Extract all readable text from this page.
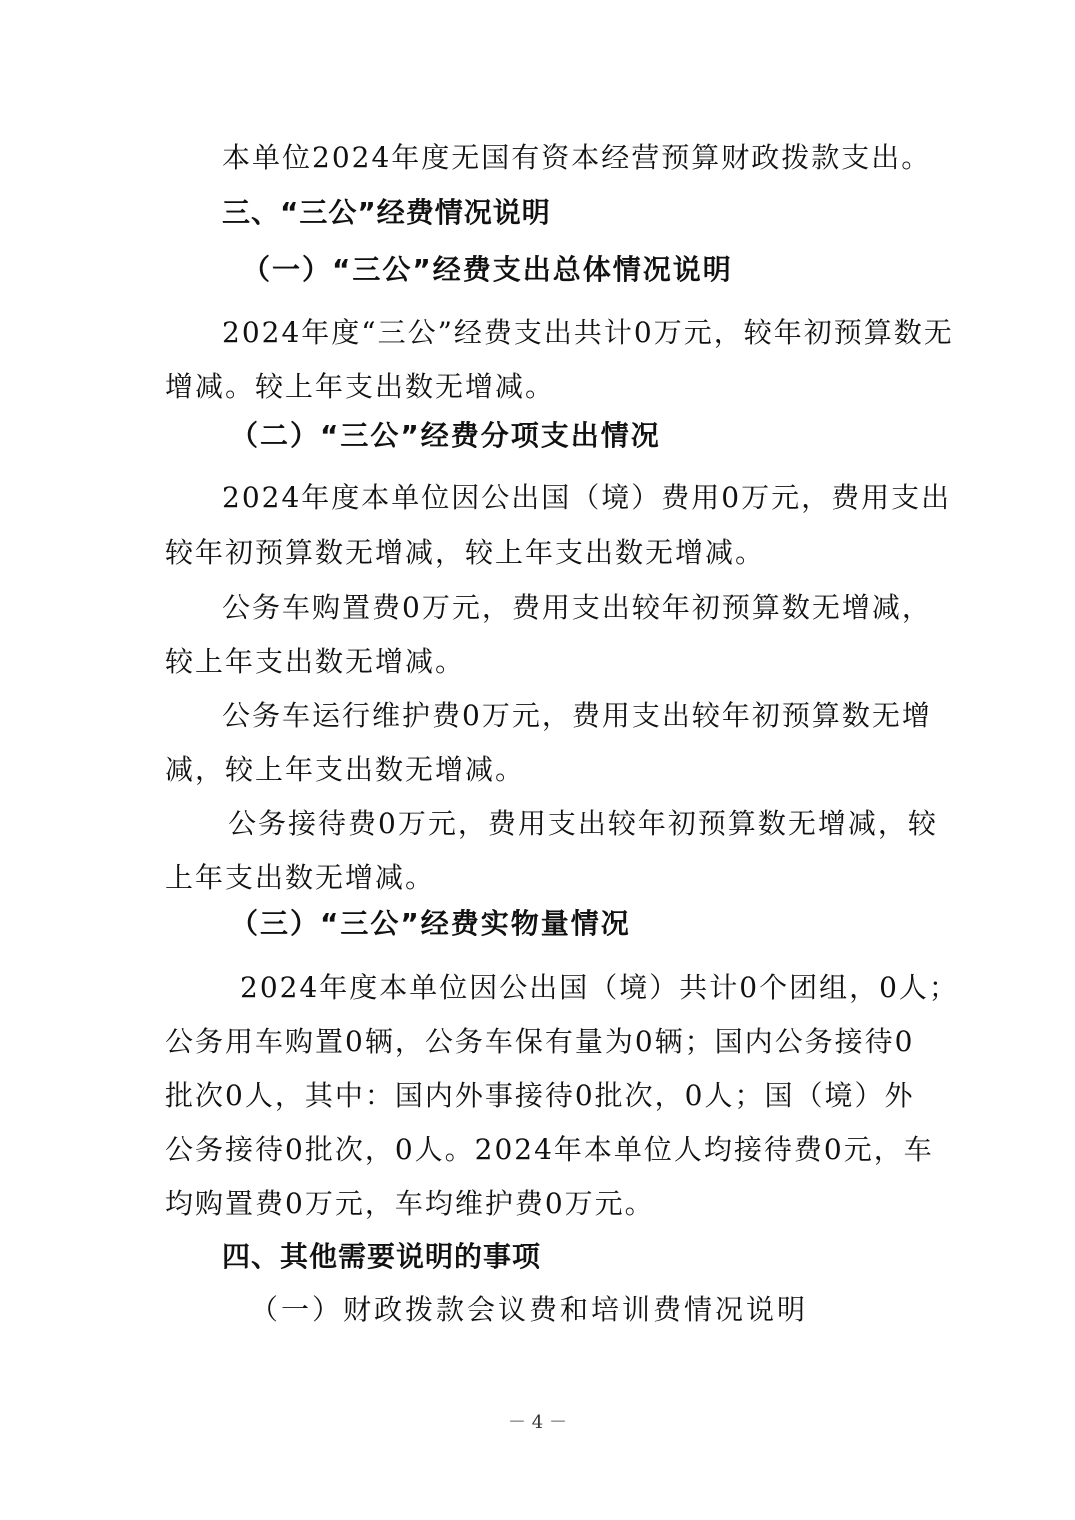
本单位2024年度无国有资本经营预算财政拨款支出。
三、“三公”经费情况说明
（一）“三公”经费支出总体情况说明
2024年度“三公”经费支出共计0万元，较年初预算数无
增减。较上年支出数无增减。
（二）“三公”经费分项支出情况
2024年度本单位因公出国（境）费用0万元，费用支出
较年初预算数无增减，较上年支出数无增减。
公务车购置费0万元，费用支出较年初预算数无增减，
较上年支出数无增减。
公务车运行维护费0万元，费用支出较年初预算数无增
减，较上年支出数无增减。
公务接待费0万元，费用支出较年初预算数无增减，较
上年支出数无增减。
（三）“三公”经费实物量情况
2024年度本单位因公出国（境）共计0个团组，0人；
公务用车购置0辆，公务车保有量为0辆；国内公务接待0
批次0人，其中：国内外事接待0批次，0人；国（境）外
公务接待0批次，0人。2024年本单位人均接待费0元，车
均购置费0万元，车均维护费0万元。
四、其他需要说明的事项
（一）财政拨款会议费和培训费情况说明
－ 4 －
